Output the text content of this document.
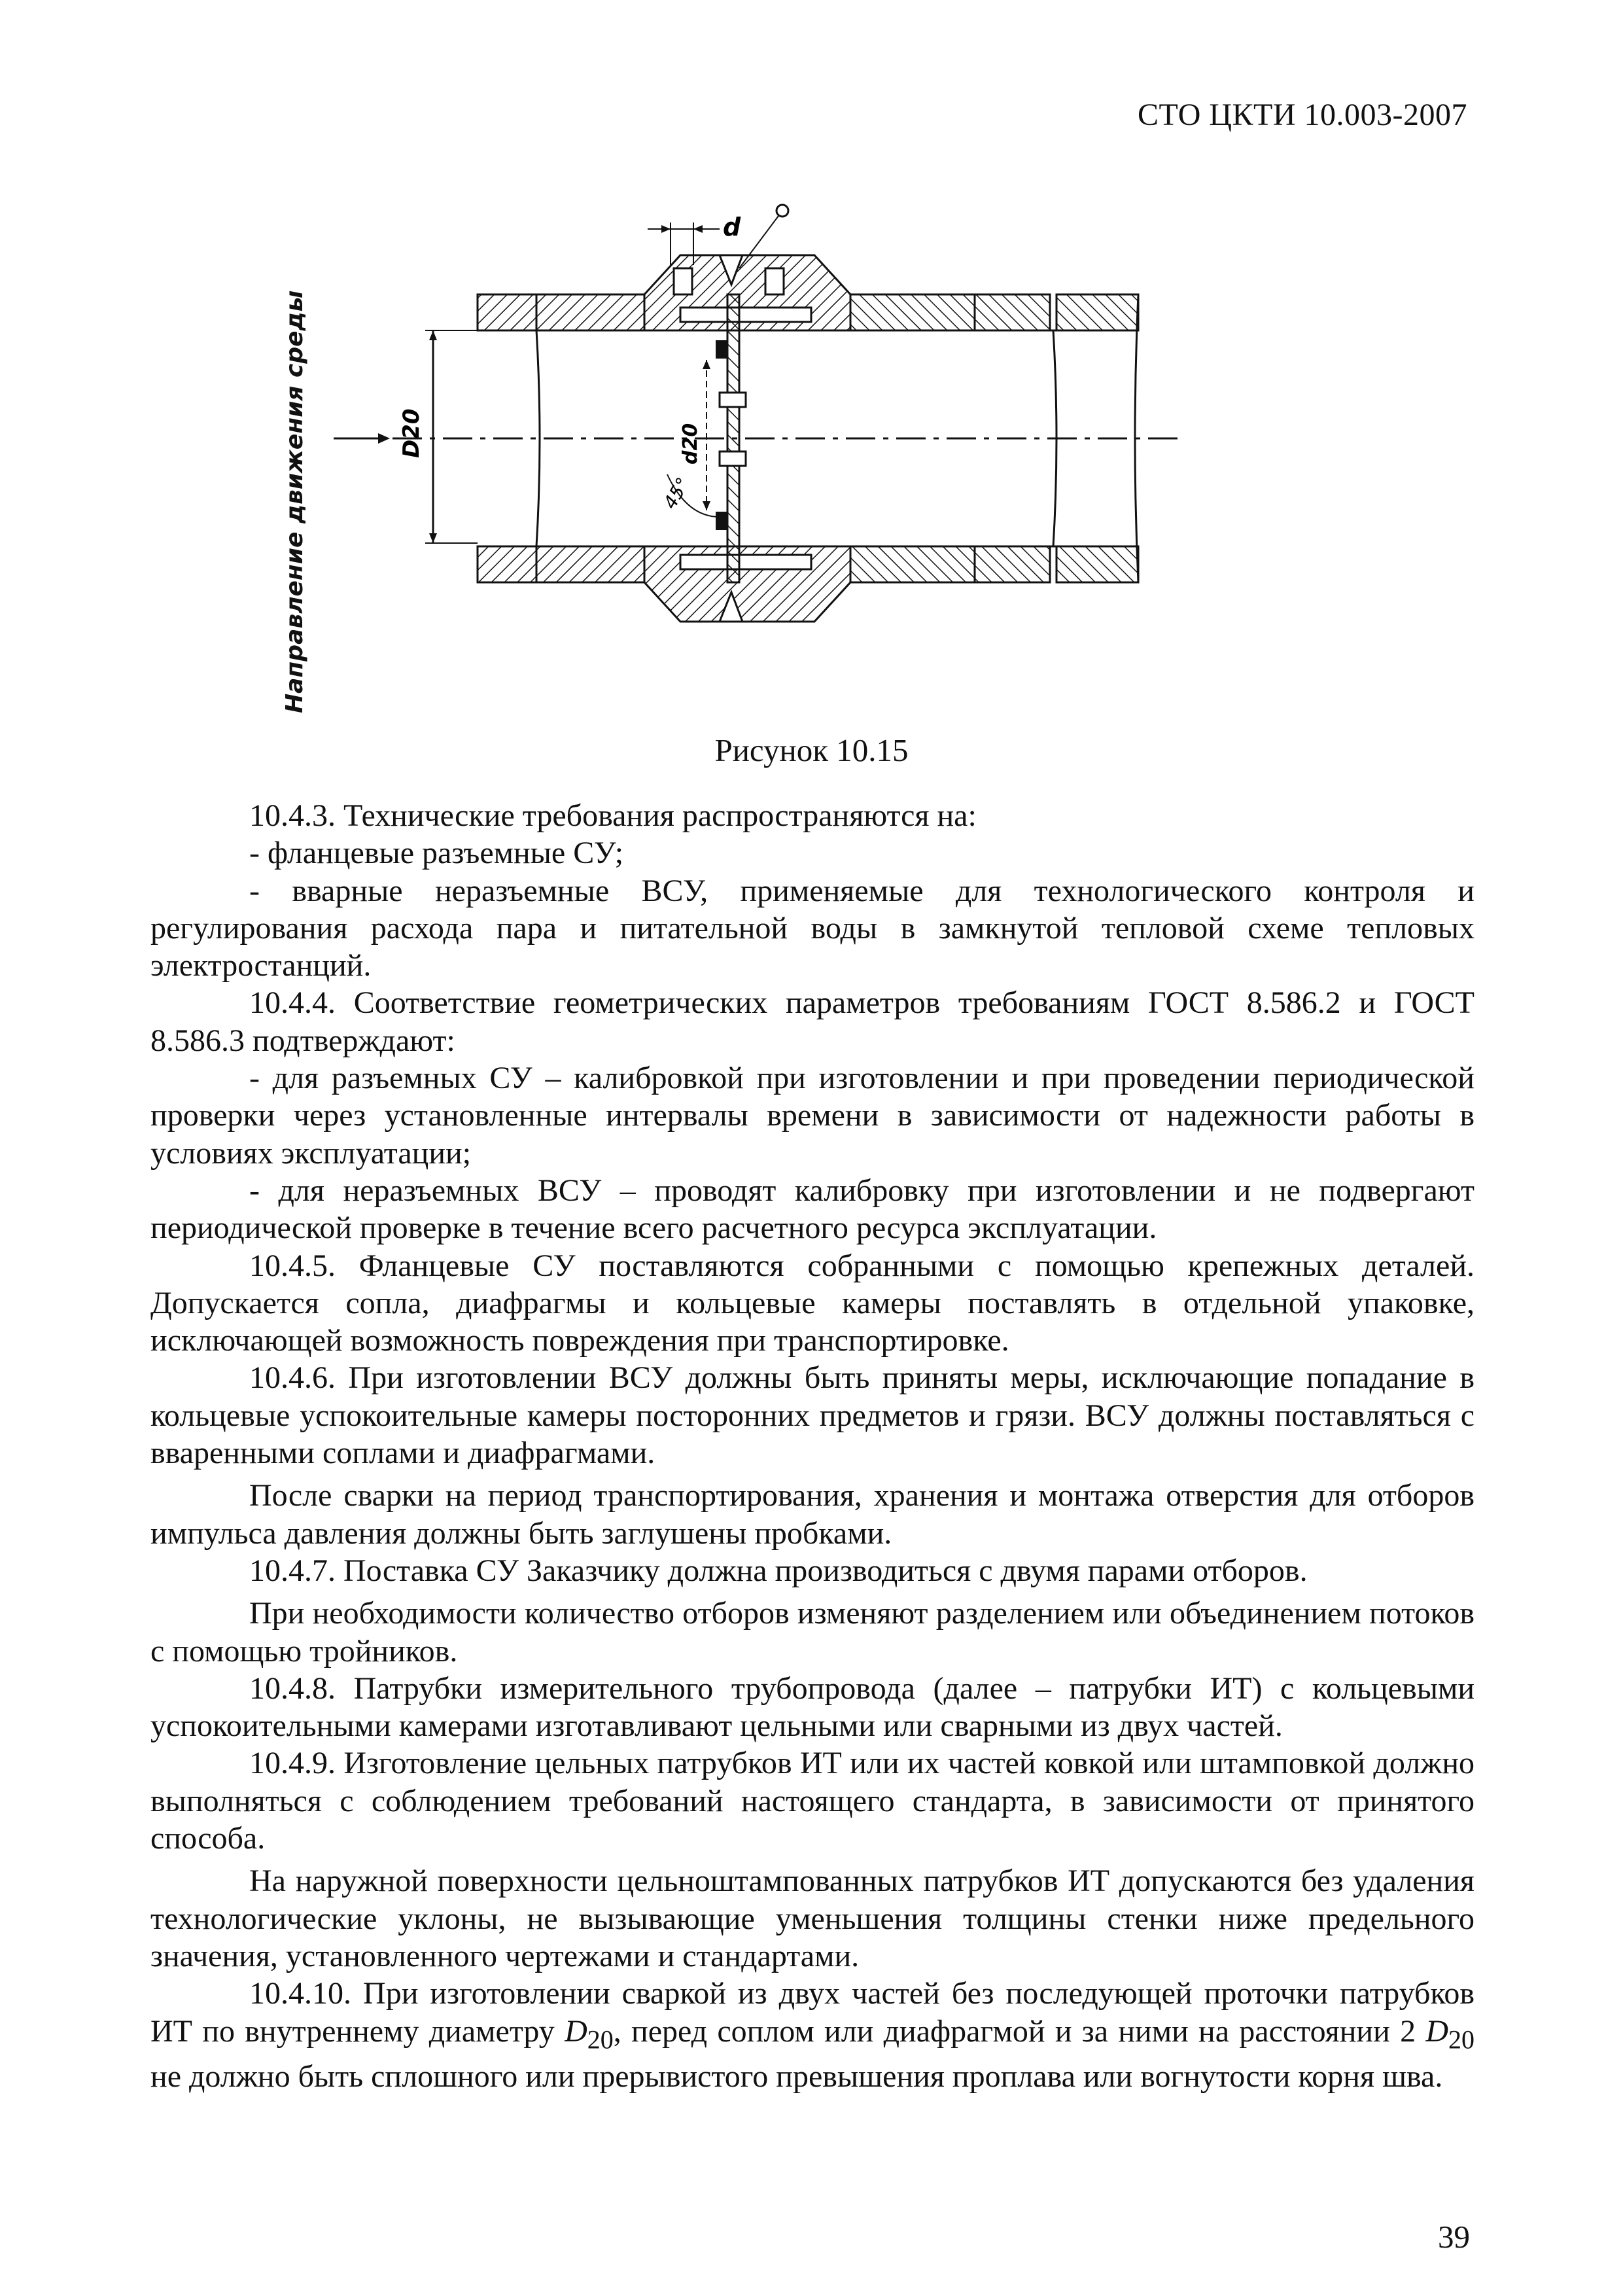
СТО ЦКТИ 10.003-2007
Направление движения среды	D20	d20
45°
d
Рисунок 10.15

10.4.3. Технические требования распространяются на:

- фланцевые разъемные СУ;

- вварные неразъемные ВСУ, применяемые для технологического контроля и регулирования расхода пара и питательной воды в замкнутой тепловой схеме тепловых электростанций.

10.4.4. Соответствие геометрических параметров требованиям ГОСТ 8.586.2 и ГОСТ 8.586.3 подтверждают:

- для разъемных СУ – калибровкой при изготовлении и при проведении периодической проверки через установленные интервалы времени в зависимости от надежности работы в условиях эксплуатации;

- для неразъемных ВСУ – проводят калибровку при изготовлении и не подвергают периодической проверке в течение всего расчетного ресурса эксплуатации.

10.4.5. Фланцевые СУ поставляются собранными с помощью крепежных деталей. Допускается сопла, диафрагмы и кольцевые камеры поставлять в отдельной упаковке, исключающей возможность повреждения при транспортировке.

10.4.6. При изготовлении ВСУ должны быть приняты меры, исключающие попадание в кольцевые успокоительные камеры посторонних предметов и грязи. ВСУ должны поставляться с вваренными соплами и диафрагмами.

После сварки на период транспортирования, хранения и монтажа отверстия для отборов импульса давления должны быть заглушены пробками.

10.4.7. Поставка СУ Заказчику должна производиться с двумя парами отборов.

При необходимости количество отборов изменяют разделением или объединением потоков с помощью тройников.

10.4.8. Патрубки измерительного трубопровода (далее – патрубки ИТ) с кольцевыми успокоительными камерами изготавливают цельными или сварными из двух частей.

10.4.9. Изготовление цельных патрубков ИТ или их частей ковкой или штамповкой должно выполняться с соблюдением требований настоящего стандарта, в зависимости от принятого способа.

На наружной поверхности цельноштампованных патрубков ИТ допускаются без удаления технологические уклоны, не вызывающие уменьшения толщины стенки ниже предельного значения, установленного чертежами и стандартами.

10.4.10. При изготовлении сваркой из двух частей без последующей проточки патрубков ИТ по внутреннему диаметру $D_{20}$, перед соплом или диафрагмой и за ними на расстоянии 2 $D_{20}$ не должно быть сплошного или прерывистого превышения проплава или вогнутости корня шва.

39
